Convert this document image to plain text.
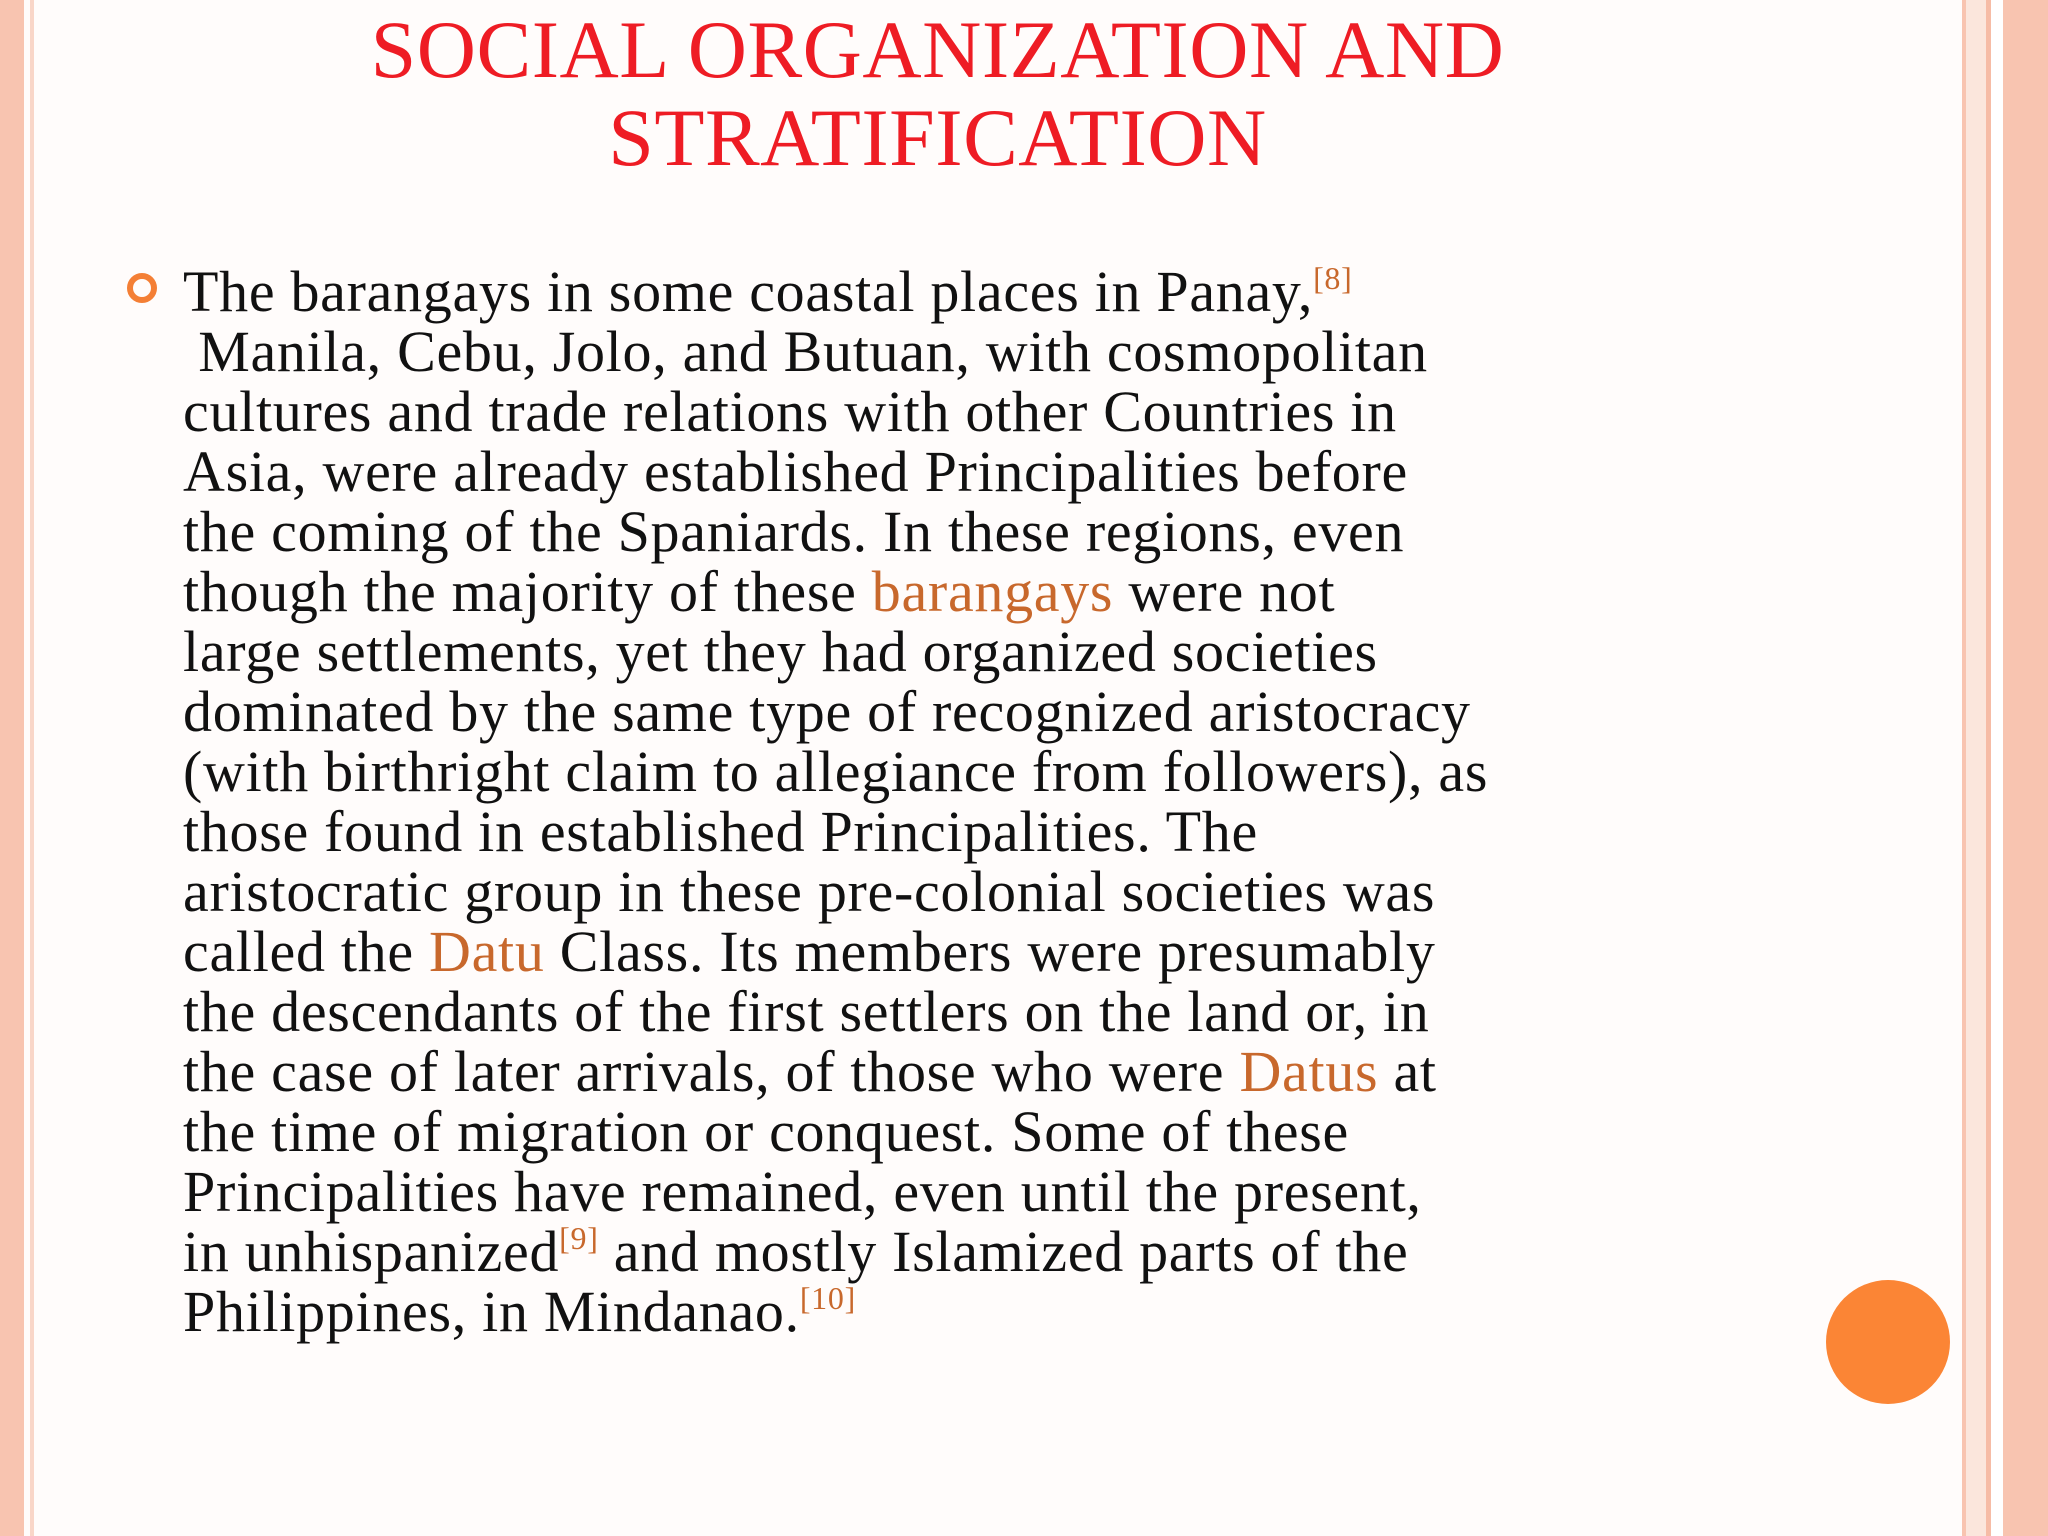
SOCIAL ORGANIZATION AND
STRATIFICATION

The barangays in some coastal places in Panay,[8]
Manila, Cebu, Jolo, and Butuan, with cosmopolitan
cultures and trade relations with other Countries in
Asia, were already established Principalities before
the coming of the Spaniards. In these regions, even
though the majority of these barangays were not
large settlements, yet they had organized societies
dominated by the same type of recognized aristocracy
(with birthright claim to allegiance from followers), as
those found in established Principalities. The
aristocratic group in these pre-colonial societies was
called the Datu Class. Its members were presumably
the descendants of the first settlers on the land or, in
the case of later arrivals, of those who were Datus at
the time of migration or conquest. Some of these
Principalities have remained, even until the present,
in unhispanized[9] and mostly Islamized parts of the
Philippines, in Mindanao.[10]
